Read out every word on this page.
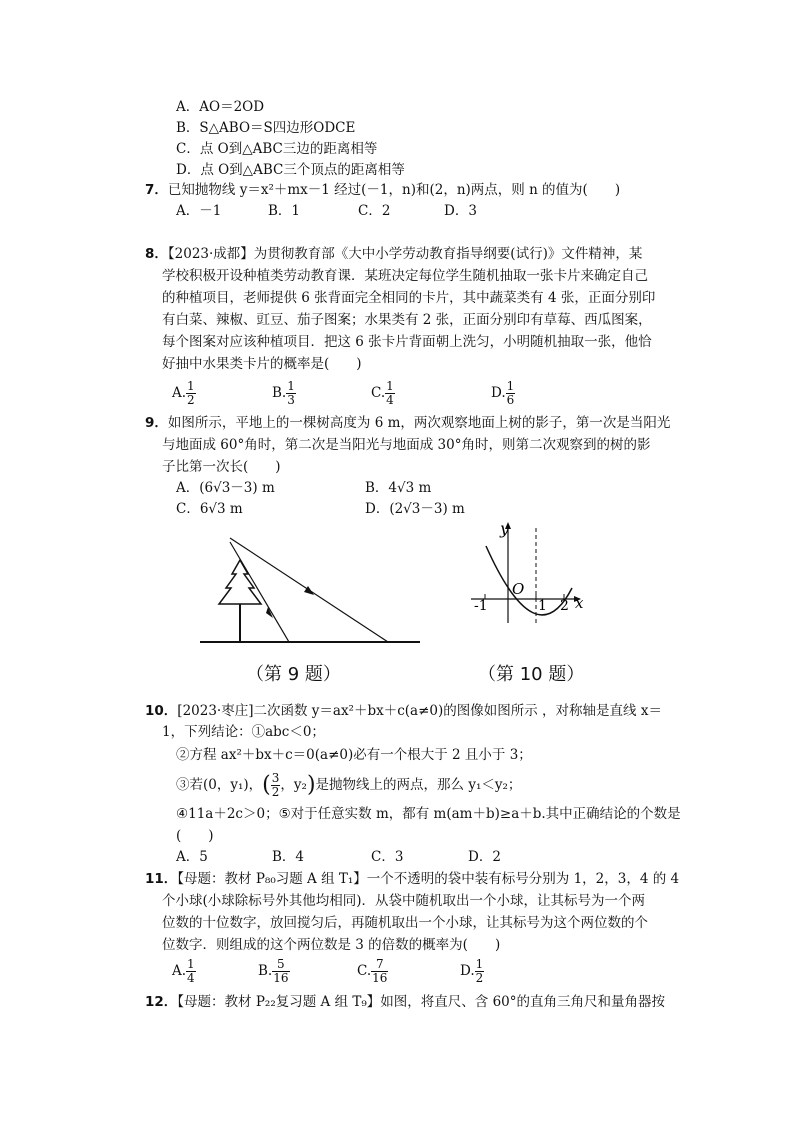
A．AO＝2OD
B．S△ABO＝S四边形ODCE
C．点 O到△ABC三边的距离相等
D．点 O到△ABC三个顶点的距离相等
7．已知抛物线 y＝x²＋mx－1 经过(－1，n)和(2，n)两点，则 n 的值为(　　)
A．－1	B．1	C．2	D．3
8．【2023·成都】为贯彻教育部《大中小学劳动教育指导纲要(试行)》文件精神，某
学校积极开设种植类劳动教育课．某班决定每位学生随机抽取一张卡片来确定自己
的种植项目，老师提供 6 张背面完全相同的卡片，其中蔬菜类有 4 张，正面分别印
有白菜、辣椒、豇豆、茄子图案；水果类有 2 张，正面分别印有草莓、西瓜图案，
每个图案对应该种植项目．把这 6 张卡片背面朝上洗匀，小明随机抽取一张，他恰
好抽中水果类卡片的概率是(　　)
A. $\frac{1}{2}$	B. $\frac{1}{3}$	C. $\frac{1}{4}$	D. $\frac{1}{6}$
9．如图所示，平地上的一棵树高度为 6 m，两次观察地面上树的影子，第一次是当阳光
与地面成 60°角时，第二次是当阳光与地面成 30°角时，则第二次观察到的树的影
子比第一次长(　　)
A．(6√3－3) m	B．4√3 m
C．6√3 m	D．(2√3－3) m
（第 9 题）
y
x
O
-1	1 2
（第 10 题）
10．[2023·枣庄]二次函数 y＝ax²＋bx＋c(a≠0)的图像如图所示 ，对称轴是直线 x＝
1，下列结论：①abc＜0；
②方程 ax²＋bx＋c＝0(a≠0)必有一个根大于 2 且小于 3；
③若(0，y₁)，( $\frac{3}{2}$ ，y₂)是抛物线上的两点，那么 y₁＜y₂；
④11a＋2c＞0；⑤对于任意实数 m，都有 m(am＋b)≥a＋b.其中正确结论的个数是
(　　)
A．5	B．4	C．3	D．2
11．【母题：教材 P₈₀习题 A 组 T₁】一个不透明的袋中装有标号分别为 1，2，3，4 的 4
个小球(小球除标号外其他均相同)．从袋中随机取出一个小球，让其标号为一个两
位数的十位数字，放回搅匀后，再随机取出一个小球，让其标号为这个两位数的个
位数字．则组成的这个两位数是 3 的倍数的概率为(　　)
A. $\frac{1}{4}$	B. $\frac{5}{16}$	C. $\frac{7}{16}$	D. $\frac{1}{2}$
12．【母题：教材 P₂₂复习题 A 组 T₉】如图，将直尺、含 60°的直角三角尺和量角器按
